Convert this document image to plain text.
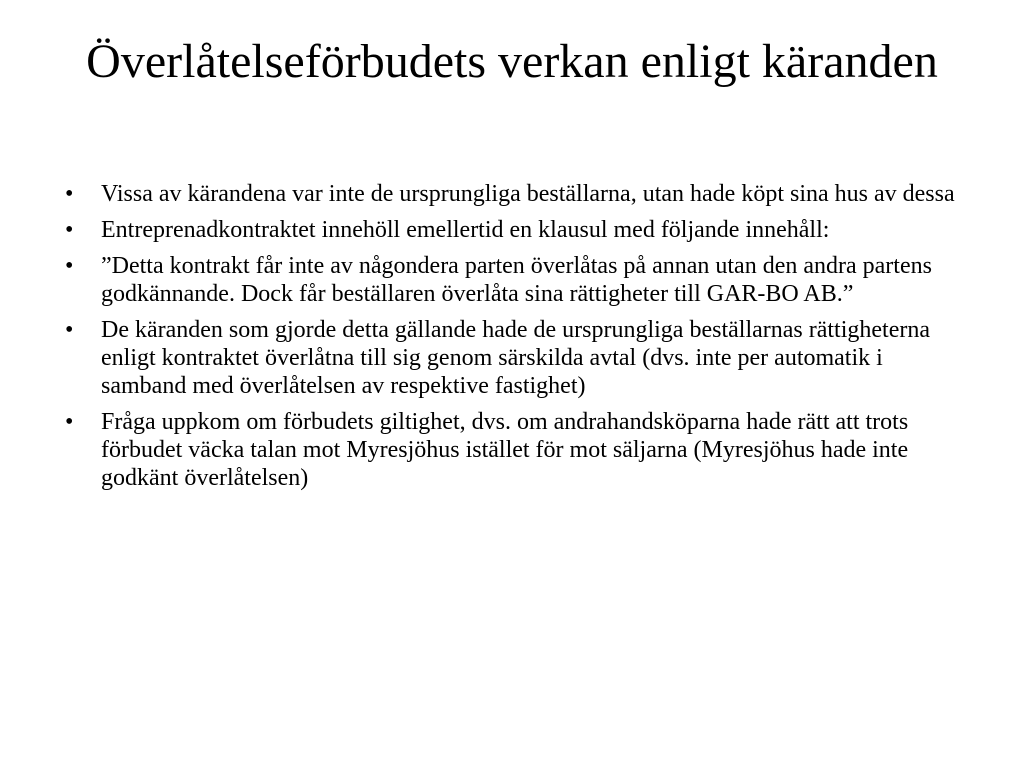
Överlåtelseförbudets verkan enligt käranden
• Vissa av kärandena var inte de ursprungliga beställarna, utan hade köpt sina hus av dessa
• Entreprenadkontraktet innehöll emellertid en klausul med följande innehåll:
• ”Detta kontrakt får inte av någondera parten överlåtas på annan utan den andra partens godkännande. Dock får beställaren överlåta sina rättigheter till GAR-BO AB.”
• De käranden som gjorde detta gällande hade de ursprungliga beställarnas rättigheterna enligt kontraktet överlåtna till sig genom särskilda avtal (dvs. inte per automatik i samband med överlåtelsen av respektive fastighet)
• Fråga uppkom om förbudets giltighet, dvs. om andrahandsköparna hade rätt att trots förbudet väcka talan mot Myresjöhus istället för mot säljarna (Myresjöhus hade inte godkänt överlåtelsen)
